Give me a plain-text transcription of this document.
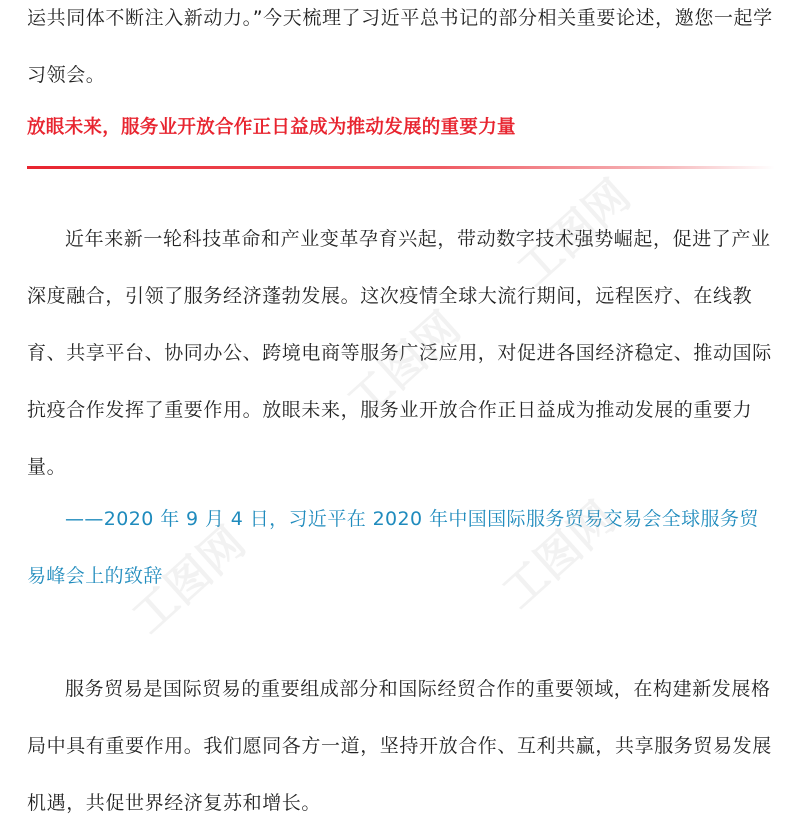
运共同体不断注入新动力。”今天梳理了习近平总书记的部分相关重要论述，邀您一起学习领会。

放眼未来，服务业开放合作正日益成为推动发展的重要力量

近年来新一轮科技革命和产业变革孕育兴起，带动数字技术强势崛起，促进了产业深度融合，引领了服务经济蓬勃发展。这次疫情全球大流行期间，远程医疗、在线教育、共享平台、协同办公、跨境电商等服务广泛应用，对促进各国经济稳定、推动国际抗疫合作发挥了重要作用。放眼未来，服务业开放合作正日益成为推动发展的重要力量。

——2020 年 9 月 4 日，习近平在 2020 年中国国际服务贸易交易会全球服务贸易峰会上的致辞

服务贸易是国际贸易的重要组成部分和国际经贸合作的重要领域，在构建新发展格局中具有重要作用。我们愿同各方一道，坚持开放合作、互利共赢，共享服务贸易发展机遇，共促世界经济复苏和增长。

工图网
工图网
工图网
工图网
